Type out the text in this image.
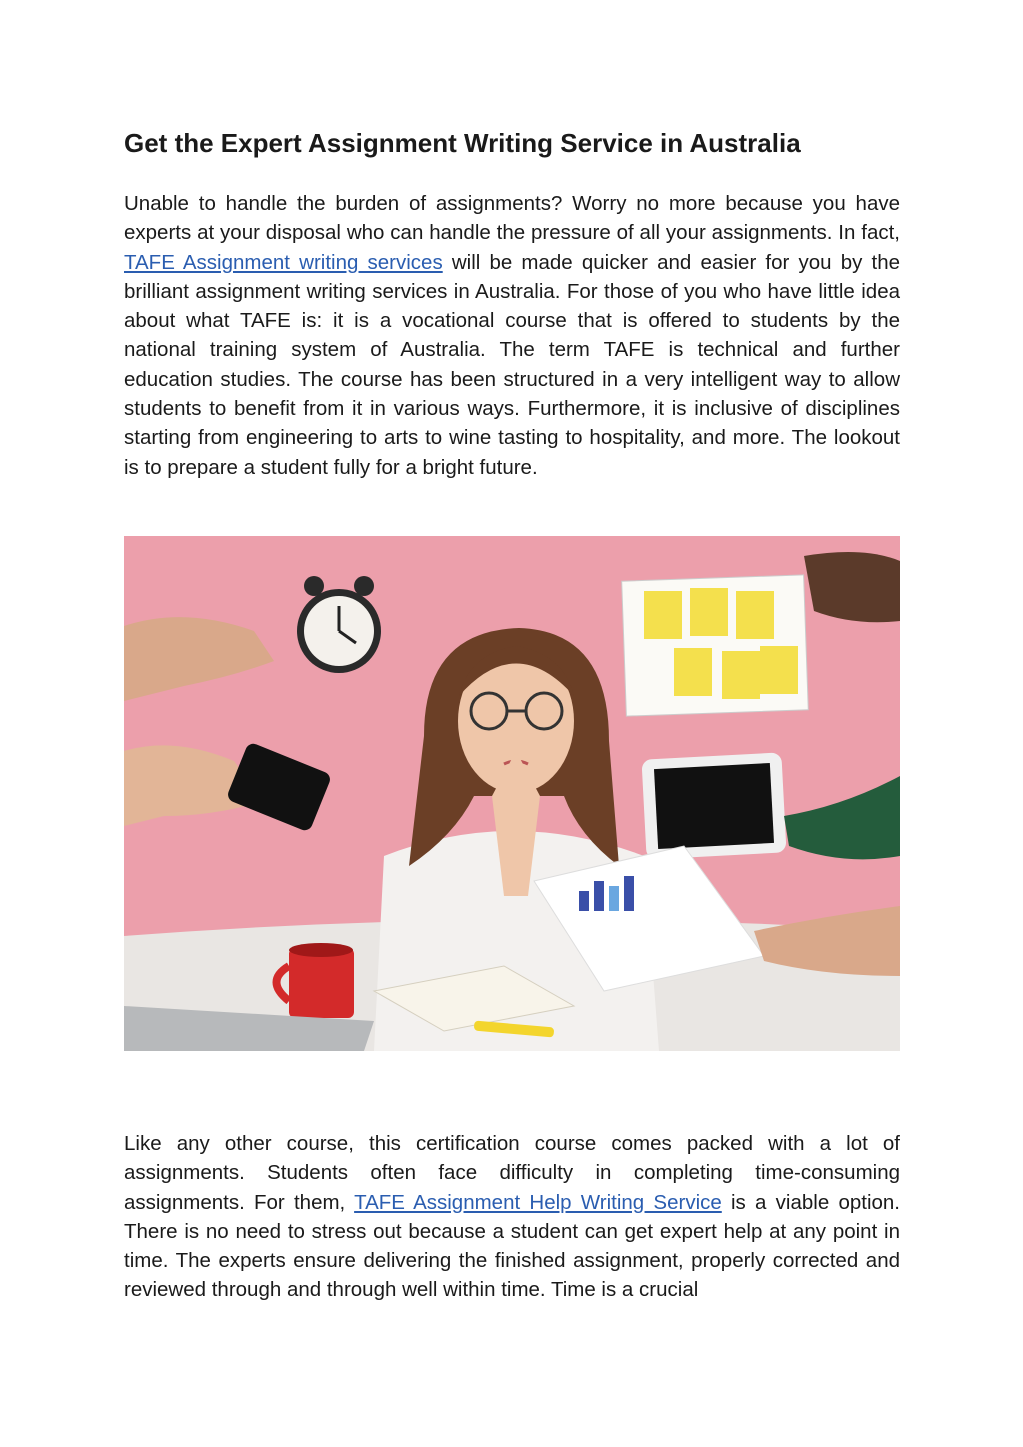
Get the Expert Assignment Writing Service in Australia

Unable to handle the burden of assignments? Worry no more because you have experts at your disposal who can handle the pressure of all your assignments. In fact, TAFE Assignment writing services will be made quicker and easier for you by the brilliant assignment writing services in Australia. For those of you who have little idea about what TAFE is: it is a vocational course that is offered to students by the national training system of Australia. The term TAFE is technical and further education studies. The course has been structured in a very intelligent way to allow students to benefit from it in various ways. Furthermore, it is inclusive of disciplines starting from engineering to arts to wine tasting to hospitality, and more. The lookout is to prepare a student fully for a bright future.

Like any other course, this certification course comes packed with a lot of assignments. Students often face difficulty in completing time-consuming assignments. For them, TAFE Assignment Help Writing Service is a viable option. There is no need to stress out because a student can get expert help at any point in time. The experts ensure delivering the finished assignment, properly corrected and reviewed through and through well within time. Time is a crucial
